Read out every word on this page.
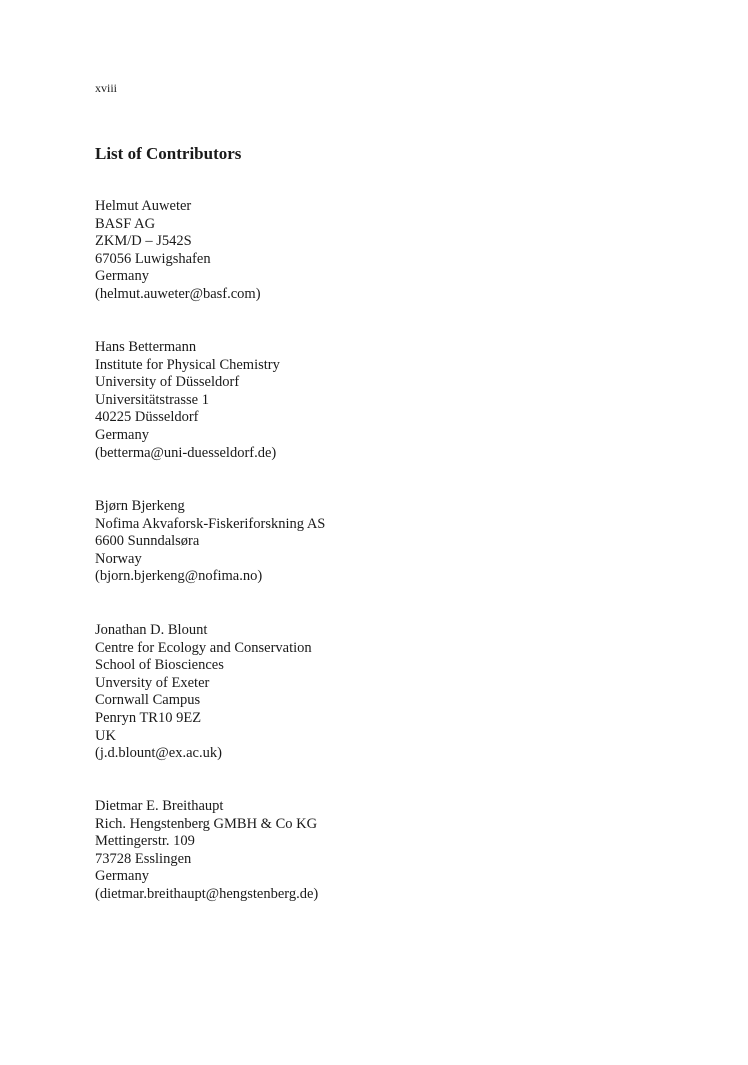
xviii
List of Contributors
Helmut Auweter
BASF AG
ZKM/D – J542S
67056 Luwigshafen
Germany
(helmut.auweter@basf.com)
Hans Bettermann
Institute for Physical Chemistry
University of Düsseldorf
Universitätstrasse 1
40225 Düsseldorf
Germany
(betterma@uni-duesseldorf.de)
Bjørn Bjerkeng
Nofima Akvaforsk-Fiskeriforskning AS
6600 Sunndalsøra
Norway
(bjorn.bjerkeng@nofima.no)
Jonathan D. Blount
Centre for Ecology and Conservation
School of Biosciences
Unversity of Exeter
Cornwall Campus
Penryn TR10 9EZ
UK
(j.d.blount@ex.ac.uk)
Dietmar E. Breithaupt
Rich. Hengstenberg GMBH & Co KG
Mettingerstr. 109
73728 Esslingen
Germany
(dietmar.breithaupt@hengstenberg.de)
